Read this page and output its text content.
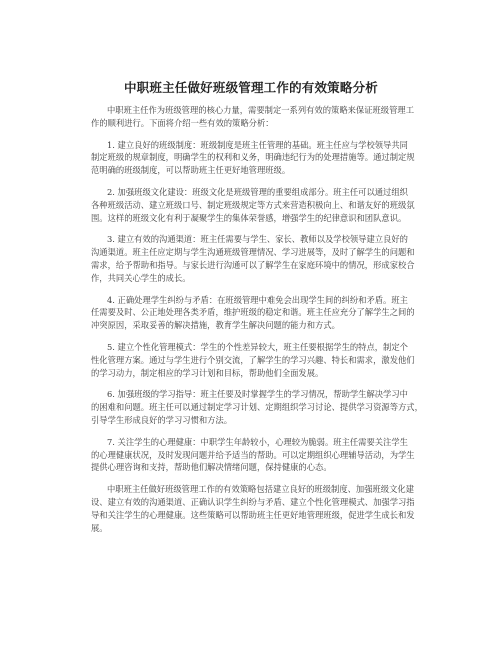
中职班主任做好班级管理工作的有效策略分析

中职班主任作为班级管理的核心力量，需要制定一系列有效的策略来保证班级管理工
作的顺利进行。下面将介绍一些有效的策略分析：

1. 建立良好的班级制度：班级制度是班主任管理的基础。班主任应与学校领导共同
制定班级的规章制度，明确学生的权利和义务，明确违纪行为的处理措施等。通过制定规
范明确的班级制度，可以帮助班主任更好地管理班级。

2. 加强班级文化建设：班级文化是班级管理的重要组成部分。班主任可以通过组织
各种班级活动、建立班级口号、制定班级规定等方式来营造积极向上、和谐友好的班级氛
围。这样的班级文化有利于凝聚学生的集体荣誉感，增强学生的纪律意识和团队意识。

3. 建立有效的沟通渠道：班主任需要与学生、家长、教师以及学校领导建立良好的
沟通渠道。班主任应定期与学生沟通班级管理情况、学习进展等，及时了解学生的问题和
需求，给予帮助和指导。与家长进行沟通可以了解学生在家庭环境中的情况，形成家校合
作，共同关心学生的成长。

4. 正确处理学生纠纷与矛盾：在班级管理中难免会出现学生间的纠纷和矛盾。班主
任需要及时、公正地处理各类矛盾，维护班级的稳定和谐。班主任应充分了解学生之间的
冲突原因，采取妥善的解决措施，教育学生解决问题的能力和方式。

5. 建立个性化管理模式：学生的个性差异较大，班主任要根据学生的特点，制定个
性化管理方案。通过与学生进行个别交流，了解学生的学习兴趣、特长和需求，激发他们
的学习动力，制定相应的学习计划和目标，帮助他们全面发展。

6. 加强班级的学习指导：班主任要及时掌握学生的学习情况，帮助学生解决学习中
的困难和问题。班主任可以通过制定学习计划、定期组织学习讨论、提供学习资源等方式，
引导学生形成良好的学习习惯和方法。

7. 关注学生的心理健康：中职学生年龄较小，心理较为脆弱。班主任需要关注学生
的心理健康状况，及时发现问题并给予适当的帮助。可以定期组织心理辅导活动，为学生
提供心理咨询和支持，帮助他们解决情绪问题，保持健康的心态。

中职班主任做好班级管理工作的有效策略包括建立良好的班级制度、加强班级文化建
设、建立有效的沟通渠道、正确认识学生纠纷与矛盾、建立个性化管理模式、加强学习指
导和关注学生的心理健康。这些策略可以帮助班主任更好地管理班级，促进学生成长和发
展。
